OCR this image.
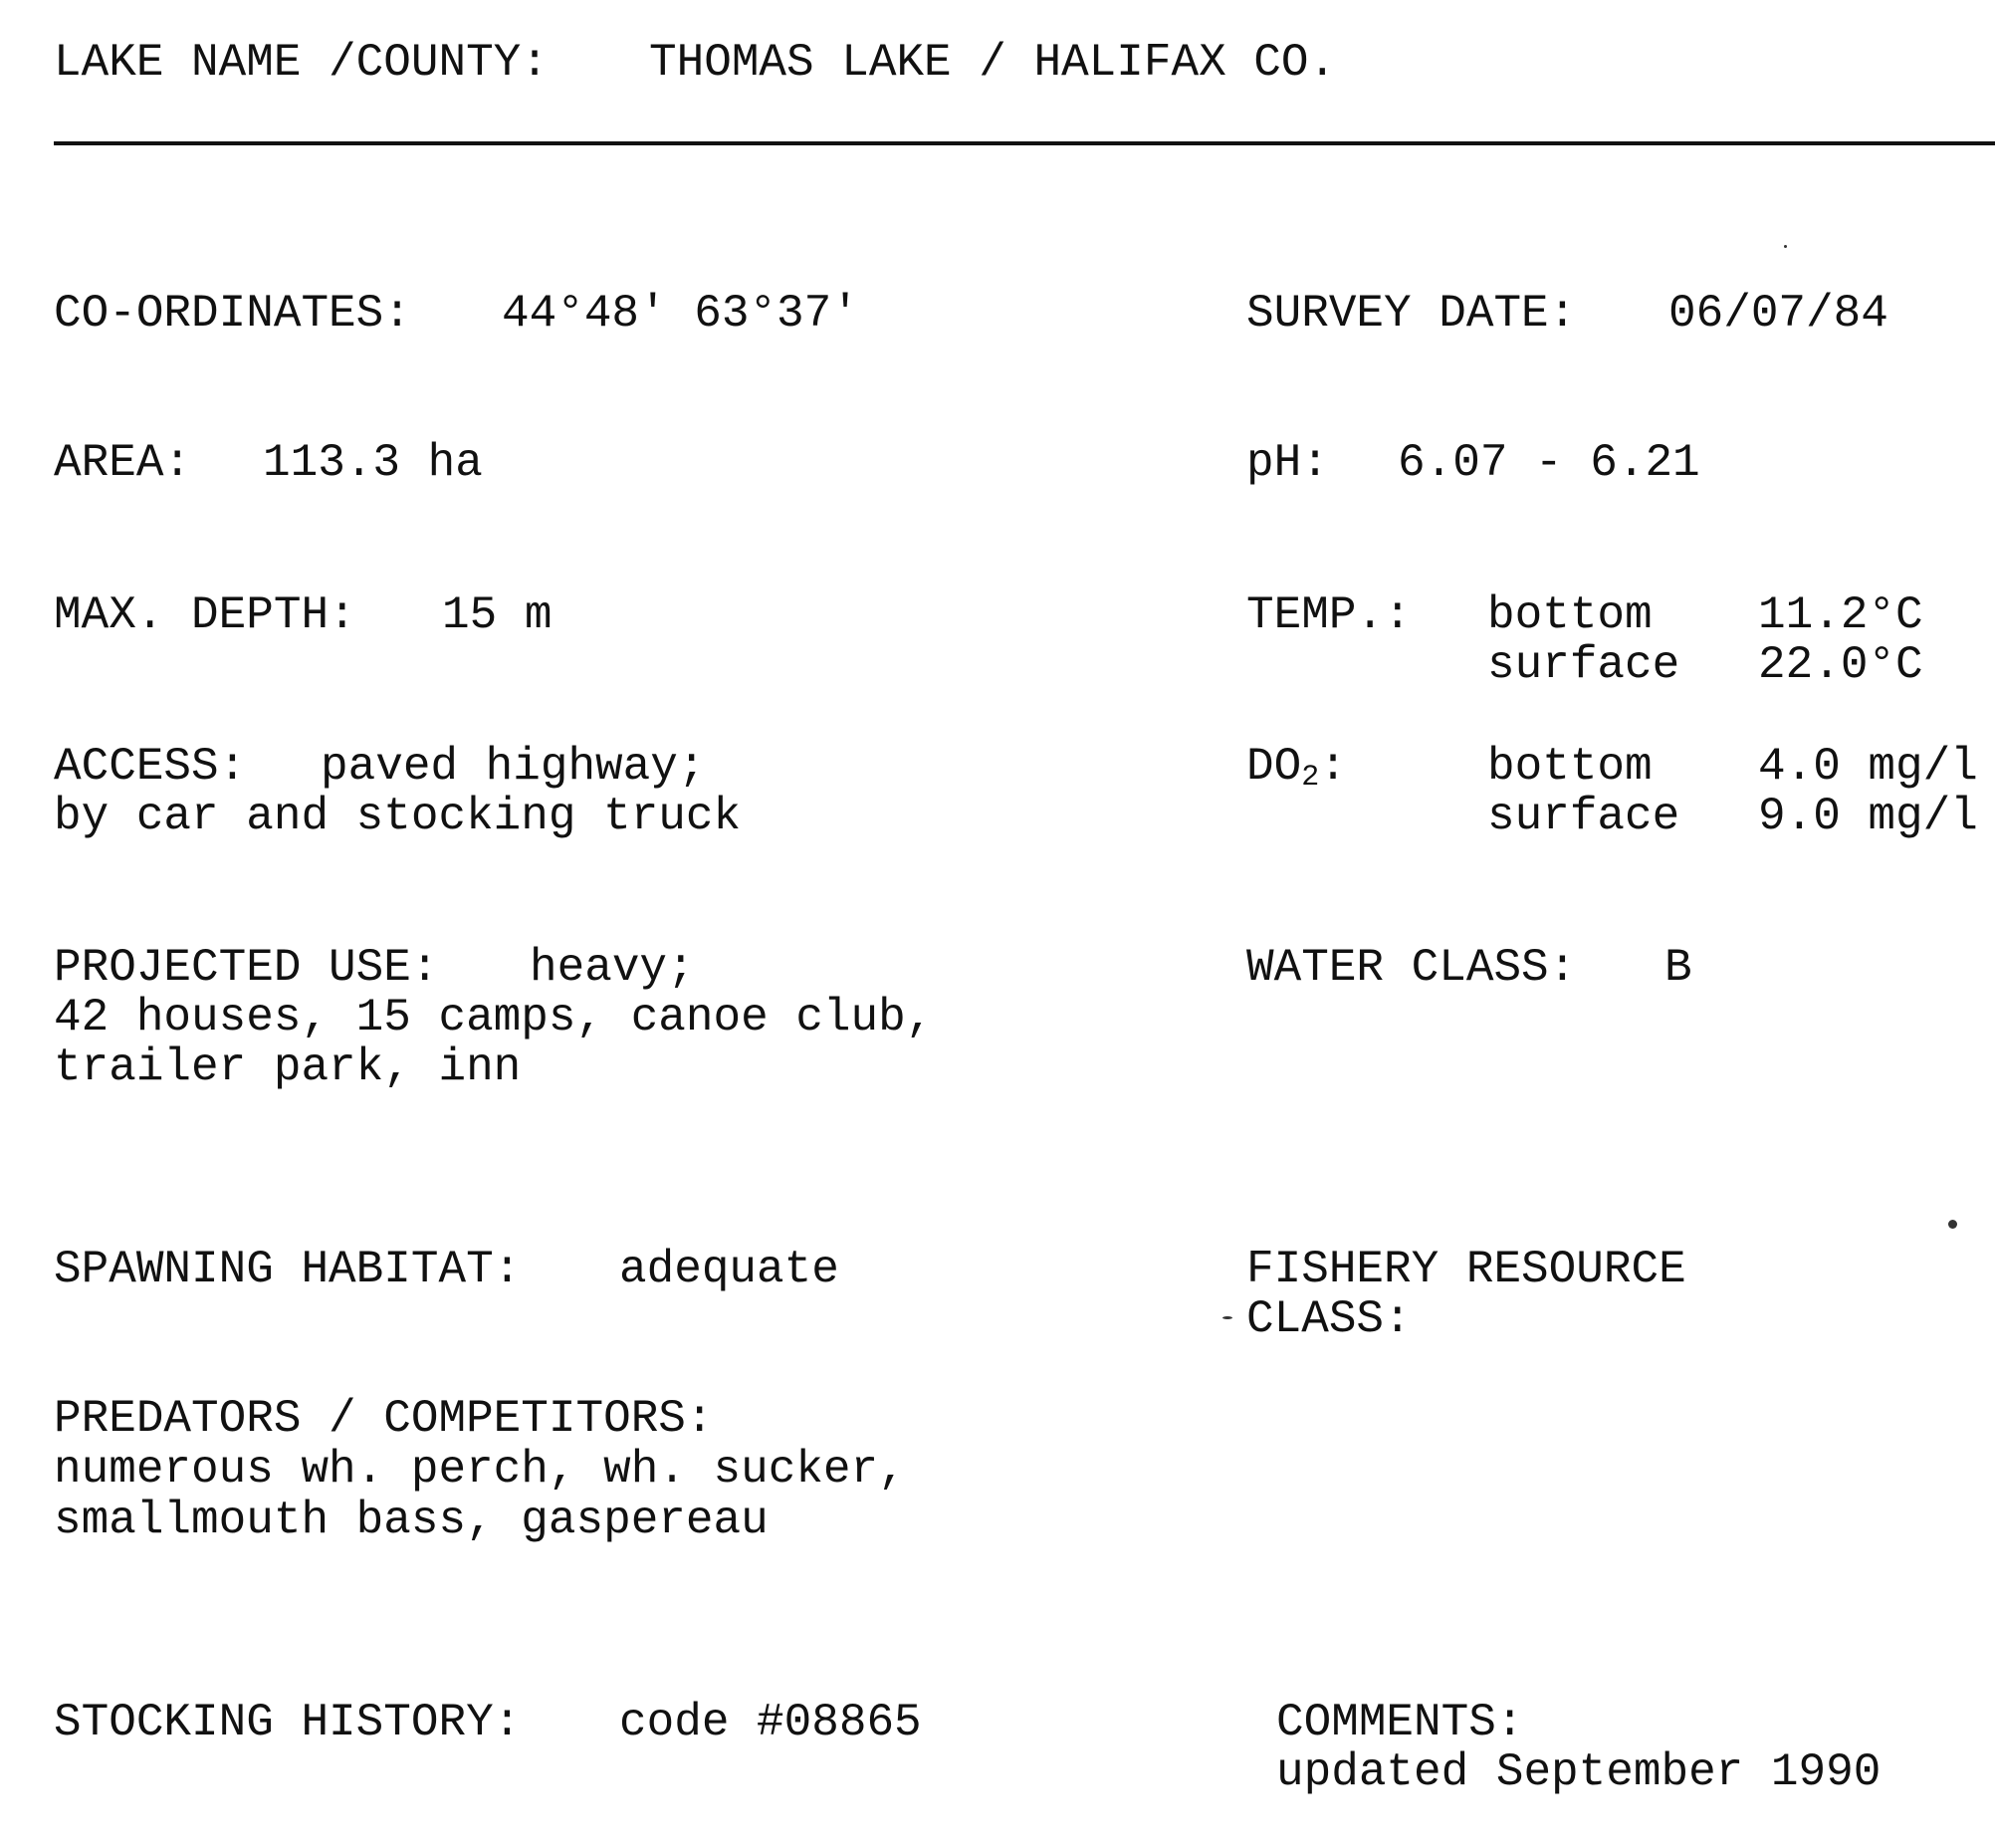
LAKE NAME /COUNTY: THOMAS LAKE / HALIFAX CO.
CO-ORDINATES: 44°48' 63°37'
AREA: 113.3 ha
MAX. DEPTH: 15 m
ACCESS: paved highway;
by car and stocking truck
PROJECTED USE: heavy;
42 houses, 15 camps, canoe club,
trailer park, inn
SPAWNING HABITAT: adequate
PREDATORS / COMPETITORS:
numerous wh. perch, wh. sucker,
smallmouth bass, gaspereau
STOCKING HISTORY: code #08865
SURVEY DATE: 06/07/84
pH: 6.07 - 6.21
TEMP.: bottom 11.2°C
surface 22.0°C
$DO_2$:	bottom 4.0 mg/l
surface 9.0 mg/l
WATER CLASS: B
FISHERY RESOURCE
CLASS:
COMMENTS:
updated September 1990
